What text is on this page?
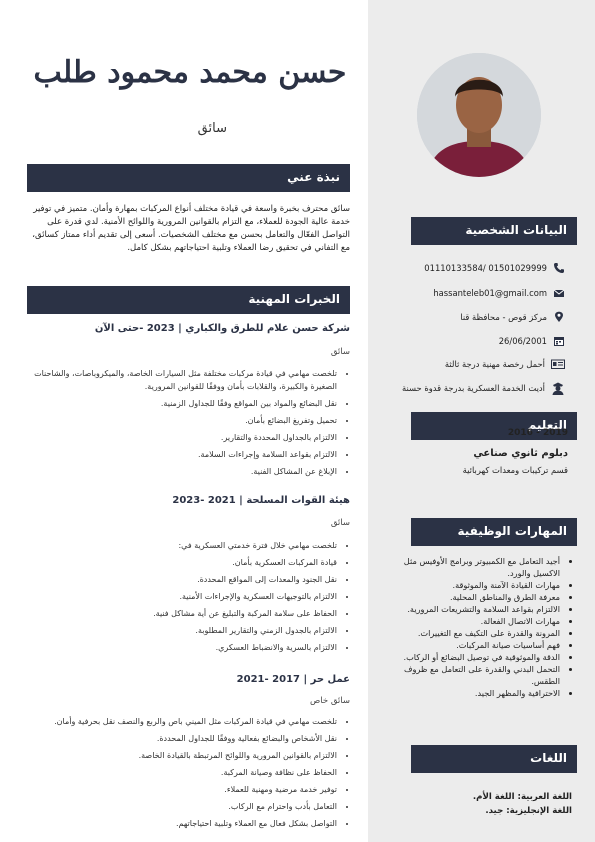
البيانات الشخصية
01110133584/ 01501029999
hassanteleb01@gmail.com
مركز قوص - محافظة قنا
26/06/2001
أحمل رخصة مهنية درجة ثالثة
أديت الخدمة العسكرية بدرجة قدوة حسنة
التعليم
2016 - 2019
دبلوم ثانوي صناعي
قسم تركيبات ومعدات كهربائية
المهارات الوظيفية
• أجيد التعامل مع الكمبيوتر وبرامج الأوفيس مثل الاكسيل والورد.
• مهارات القيادة الآمنة والموثوقة.
• معرفة الطرق والمناطق المحلية.
• الالتزام بقواعد السلامة والتشريعات المرورية.
• مهارات الاتصال الفعالة.
• المرونة والقدرة على التكيف مع التغييرات.
• فهم أساسيات صيانة المركبات.
• الدقة والموثوقية في توصيل البضائع أو الركاب.
• التحمل البدني والقدرة على التعامل مع ظروف الطقس.
• الاحترافية والمظهر الجيد.
اللغات
اللغة العربية: اللغة الأم.
اللغة الإنجليزية: جيد.
حسن محمد محمود طلب
سائق
نبذة عني
سائق محترف بخبرة واسعة في قيادة مختلف أنواع المركبات بمهارة وأمان. متميز في توفير خدمة عالية الجودة للعملاء، مع التزام بالقوانين المرورية واللوائح الأمنية. لدي قدرة على التواصل الفعّال والتعامل بحسن مع مختلف الشخصيات. أسعى إلى تقديم أداء ممتاز كسائق، مع التفاني في تحقيق رضا العملاء وتلبية احتياجاتهم بشكل كامل.
الخبرات المهنية
شركة حسن علام للطرق والكباري | 2023 -حتى الآن
سائق
• تلخصت مهامي في قيادة مركبات مختلفة مثل السيارات الخاصة، والميكروباصات، والشاحنات الصغيرة والكبيرة، والقلابات بأمان ووفقًا للقوانين المرورية.
• نقل البضائع والمواد بين المواقع وفقًا للجداول الزمنية.
• تحميل وتفريغ البضائع بأمان.
• الالتزام بالجداول المحددة والتقارير.
• الالتزام بقواعد السلامة وإجراءات السلامة.
• الإبلاغ عن المشاكل الفنية.
هيئة القوات المسلحة | 2021 -2023
سائق
• تلخصت مهامي خلال فترة خدمتي العسكرية في:
• قيادة المركبات العسكرية بأمان.
• نقل الجنود والمعدات إلى المواقع المحددة.
• الالتزام بالتوجيهات العسكرية والإجراءات الأمنية.
• الحفاظ على سلامة المركبة والتبليغ عن أية مشاكل فنية.
• الالتزام بالجدول الزمني والتقارير المطلوبة.
• الالتزام بالسرية والانضباط العسكري.
عمل حر | 2017 -2021
سائق خاص
• تلخصت مهامي في قيادة المركبات مثل الميني باص والربع والنصف نقل بحرفية وأمان.
• نقل الأشخاص والبضائع بفعالية ووفقًا للجداول المحددة.
• الالتزام بالقوانين المرورية واللوائح المرتبطة بالقيادة الخاصة.
• الحفاظ على نظافة وصيانة المركبة.
• توفير خدمة مرضية ومهنية للعملاء.
• التعامل بأدب واحترام مع الركاب.
• التواصل بشكل فعال مع العملاء وتلبية احتياجاتهم.
